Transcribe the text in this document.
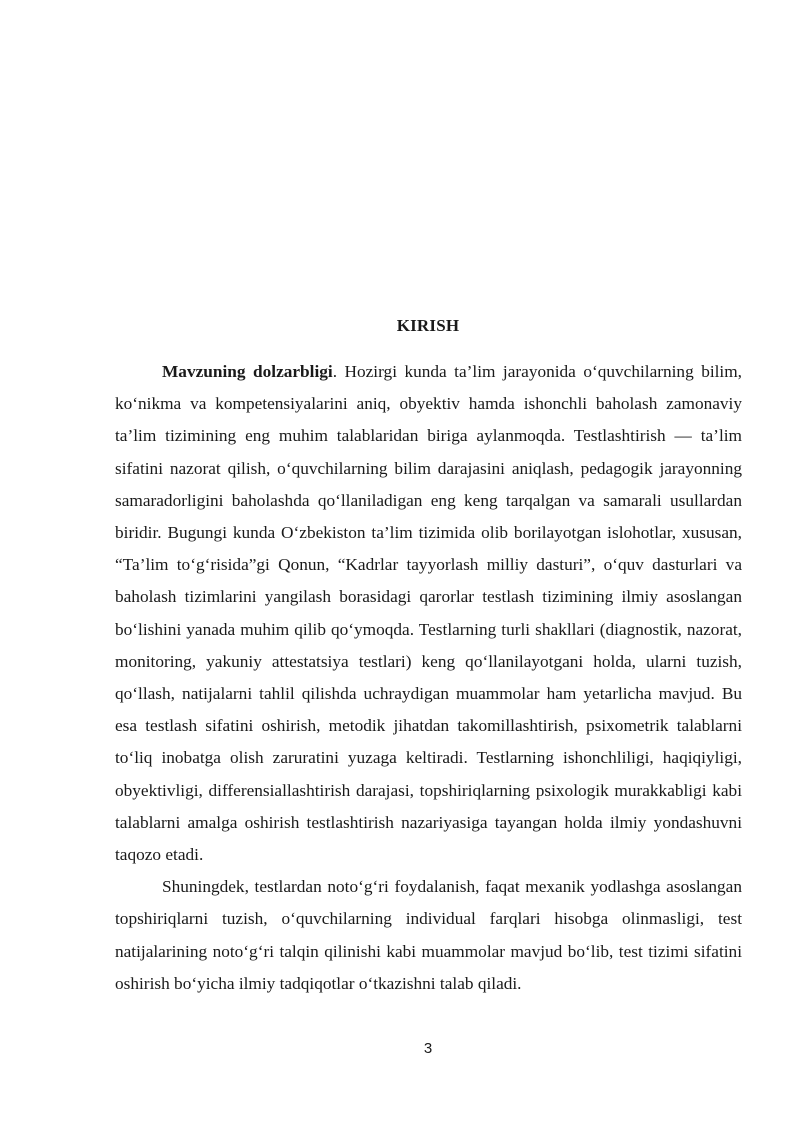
KIRISH

Mavzuning dolzarbligi. Hozirgi kunda ta’lim jarayonida o‘quvchilarning bilim, ko‘nikma va kompetensiyalarini aniq, obyektiv hamda ishonchli baholash zamonaviy ta’lim tizimining eng muhim talablaridan biriga aylanmoqda. Testlashtirish — ta’lim sifatini nazorat qilish, o‘quvchilarning bilim darajasini aniqlash, pedagogik jarayonning samaradorligini baholashda qo‘llaniladigan eng keng tarqalgan va samarali usullardan biridir. Bugungi kunda O‘zbekiston ta’lim tizimida olib borilayotgan islohotlar, xususan, “Ta’lim to‘g‘risida”gi Qonun, “Kadrlar tayyorlash milliy dasturi”, o‘quv dasturlari va baholash tizimlarini yangilash borasidagi qarorlar testlash tizimining ilmiy asoslangan bo‘lishini yanada muhim qilib qo‘ymoqda. Testlarning turli shakllari (diagnostik, nazorat, monitoring, yakuniy attestatsiya testlari) keng qo‘llanilayotgani holda, ularni tuzish, qo‘llash, natijalarni tahlil qilishda uchraydigan muammolar ham yetarlicha mavjud. Bu esa testlash sifatini oshirish, metodik jihatdan takomillashtirish, psixometrik talablarni to‘liq inobatga olish zaruratini yuzaga keltiradi. Testlarning ishonchliligi, haqiqiyligi, obyektivligi, differensiallashtirish darajasi, topshiriqlarning psixologik murakkabligi kabi talablarni amalga oshirish testlashtirish nazariyasiga tayangan holda ilmiy yondashuvni taqozo etadi.

Shuningdek, testlardan noto‘g‘ri foydalanish, faqat mexanik yodlashga asoslangan topshiriqlarni tuzish, o‘quvchilarning individual farqlari hisobga olinmasligi, test natijalarining noto‘g‘ri talqin qilinishi kabi muammolar mavjud bo‘lib, test tizimi sifatini oshirish bo‘yicha ilmiy tadqiqotlar o‘tkazishni talab qiladi.

3
